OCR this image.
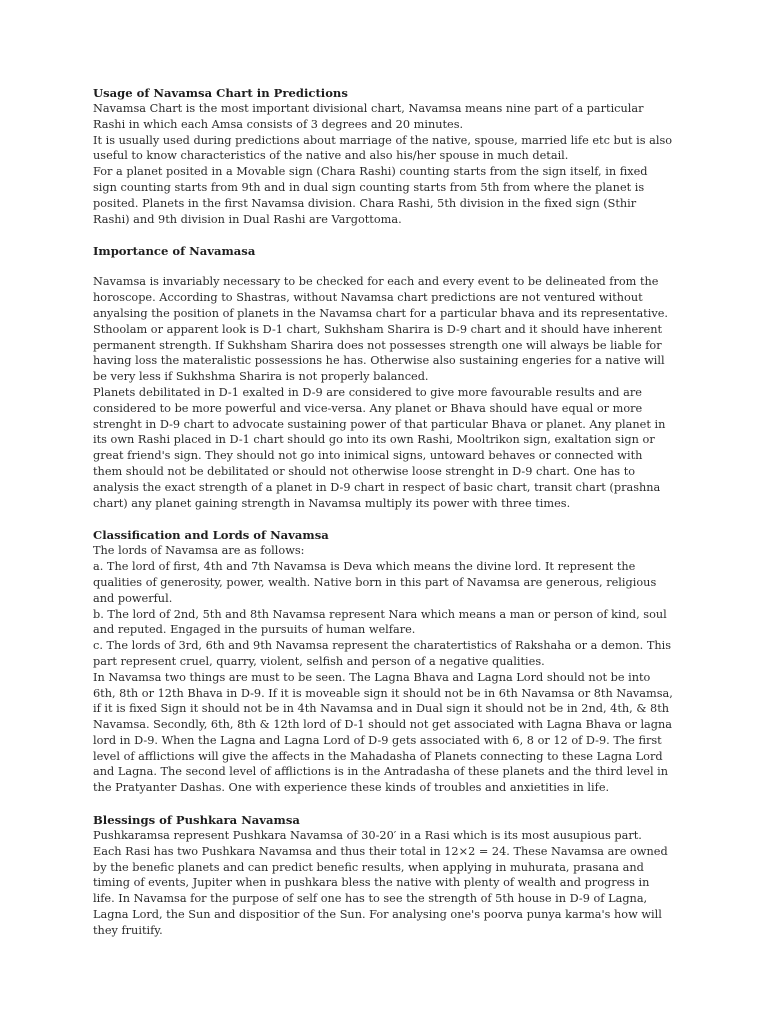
Usage of Navamsa Chart in Predictions

Navamsa Chart is the most important divisional chart, Navamsa means nine part of a particular Rashi in which each Amsa consists of 3 degrees and 20 minutes.

It is usually used during predictions about marriage of the native, spouse, married life etc but is also useful to know characteristics of the native and also his/her spouse in much detail.

For a planet posited in a Movable sign (Chara Rashi) counting starts from the sign itself, in fixed sign counting starts from 9th and in dual sign counting starts from 5th from where the planet is posited. Planets in the first Navamsa division. Chara Rashi, 5th division in the fixed sign (Sthir Rashi) and 9th division in Dual Rashi are Vargottoma.

Importance of Navamasa

Navamsa is invariably necessary to be checked for each and every event to be delineated from the horoscope. According to Shastras, without Navamsa chart predictions are not ventured without anyalsing the position of planets in the Navamsa chart for a particular bhava and its representative. Sthoolam or apparent look is D-1 chart, Sukhsham Sharira is D-9 chart and it should have inherent permanent strength. If Sukhsham Sharira does not possesses strength one will always be liable for having loss the materalistic possessions he has. Otherwise also sustaining engeries for a native will be very less if Sukhshma Sharira is not properly balanced.

Planets debilitated in D-1 exalted in D-9 are considered to give more favourable results and are considered to be more powerful and vice-versa. Any planet or Bhava should have equal or more strenght in D-9 chart to advocate sustaining power of that particular Bhava or planet. Any planet in its own Rashi placed in D-1 chart should go into its own Rashi, Mooltrikon sign, exaltation sign or great friend's sign. They should not go into inimical signs, untoward behaves or connected with them should not be debilitated or should not otherwise loose strenght in D-9 chart. One has to analysis the exact strength of a planet in D-9 chart in respect of basic chart, transit chart (prashna chart) any planet gaining strength in Navamsa multiply its power with three times.

Classification and Lords of Navamsa

The lords of Navamsa are as follows:

a. The lord of first, 4th and 7th Navamsa is Deva which means the divine lord. It represent the qualities of generosity, power, wealth. Native born in this part of Navamsa are generous, religious and powerful.

b. The lord of 2nd, 5th and 8th Navamsa represent Nara which means a man or person of kind, soul and reputed. Engaged in the pursuits of human welfare.

c. The lords of 3rd, 6th and 9th Navamsa represent the charatertistics of Rakshaha or a demon. This part represent cruel, quarry, violent, selfish and person of a negative qualities.

In Navamsa two things are must to be seen. The Lagna Bhava and Lagna Lord should not be into 6th, 8th or 12th Bhava in D-9. If it is moveable sign it should not be in 6th Navamsa or 8th Navamsa, if it is fixed Sign it should not be in 4th Navamsa and in Dual sign it should not be in 2nd, 4th, & 8th Navamsa. Secondly, 6th, 8th & 12th lord of D-1 should not get associated with Lagna Bhava or lagna lord in D-9. When the Lagna and Lagna Lord of D-9 gets associated with 6, 8 or 12 of D-9. The first level of afflictions will give the affects in the Mahadasha of Planets connecting to these Lagna Lord and Lagna. The second level of afflictions is in the Antradasha of these planets and the third level in the Pratyanter Dashas. One with experience these kinds of troubles and anxietities in life.

Blessings of Pushkara Navamsa

Pushkaramsa represent Pushkara Navamsa of 30-20′ in a Rasi which is its most ausupious part. Each Rasi has two Pushkara Navamsa and thus their total in 12×2 = 24. These Navamsa are owned by the benefic planets and can predict benefic results, when applying in muhurata, prasana and timing of events, Jupiter when in pushkara bless the native with plenty of wealth and progress in life. In Navamsa for the purpose of self one has to see the strength of 5th house in D-9 of Lagna, Lagna Lord, the Sun and dispositior of the Sun. For analysing one's poorva punya karma's how will they fruitify.
